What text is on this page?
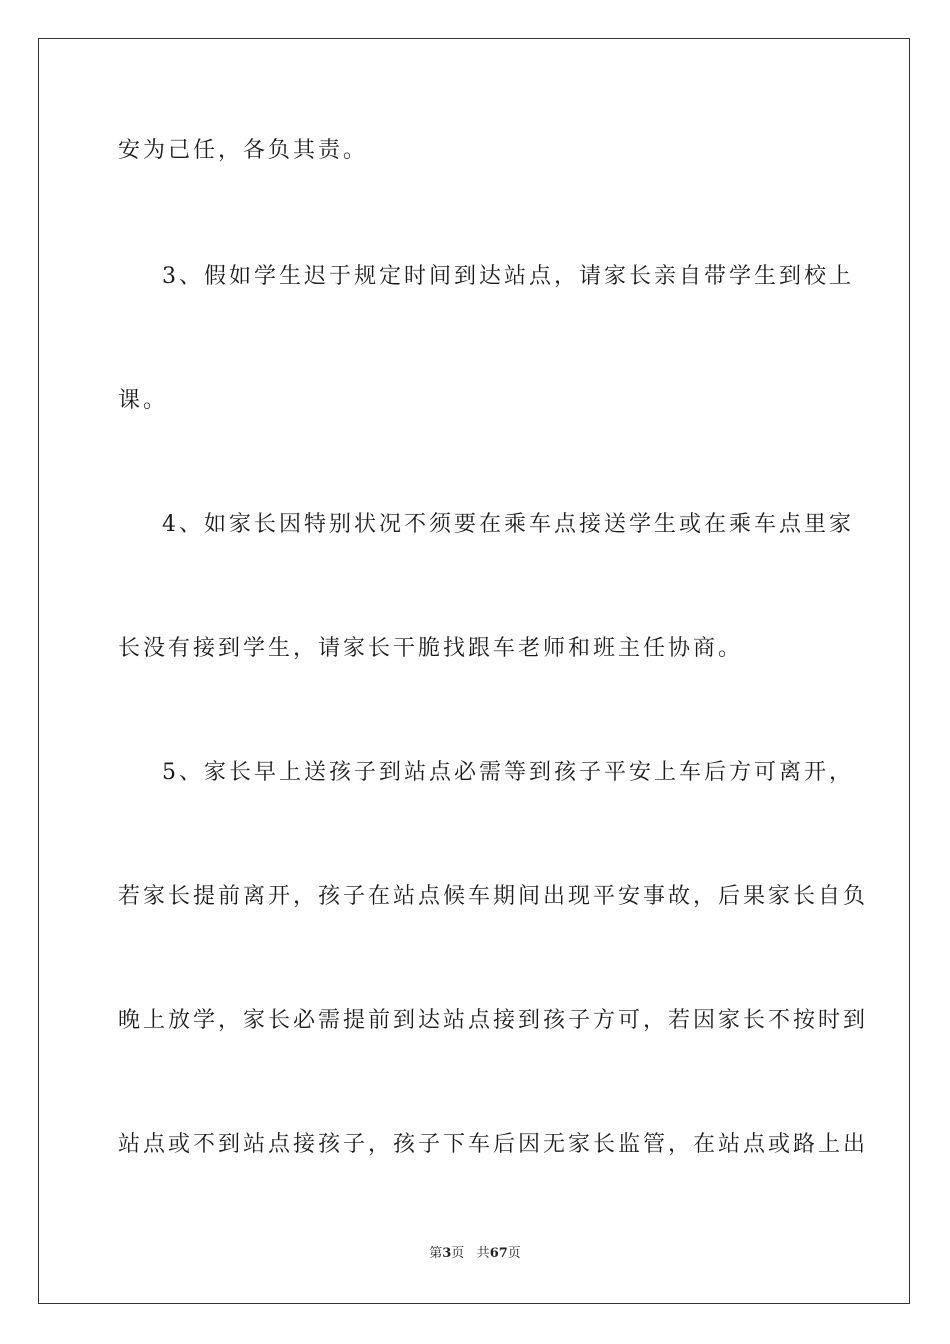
安为己任，各负其责。
3、假如学生迟于规定时间到达站点，请家长亲自带学生到校上
课。
4、如家长因特别状况不须要在乘车点接送学生或在乘车点里家
长没有接到学生，请家长干脆找跟车老师和班主任协商。
5、家长早上送孩子到站点必需等到孩子平安上车后方可离开，
若家长提前离开，孩子在站点候车期间出现平安事故，后果家长自负
晚上放学，家长必需提前到达站点接到孩子方可，若因家长不按时到
站点或不到站点接孩子，孩子下车后因无家长监管，在站点或路上出
第3页 共67页
